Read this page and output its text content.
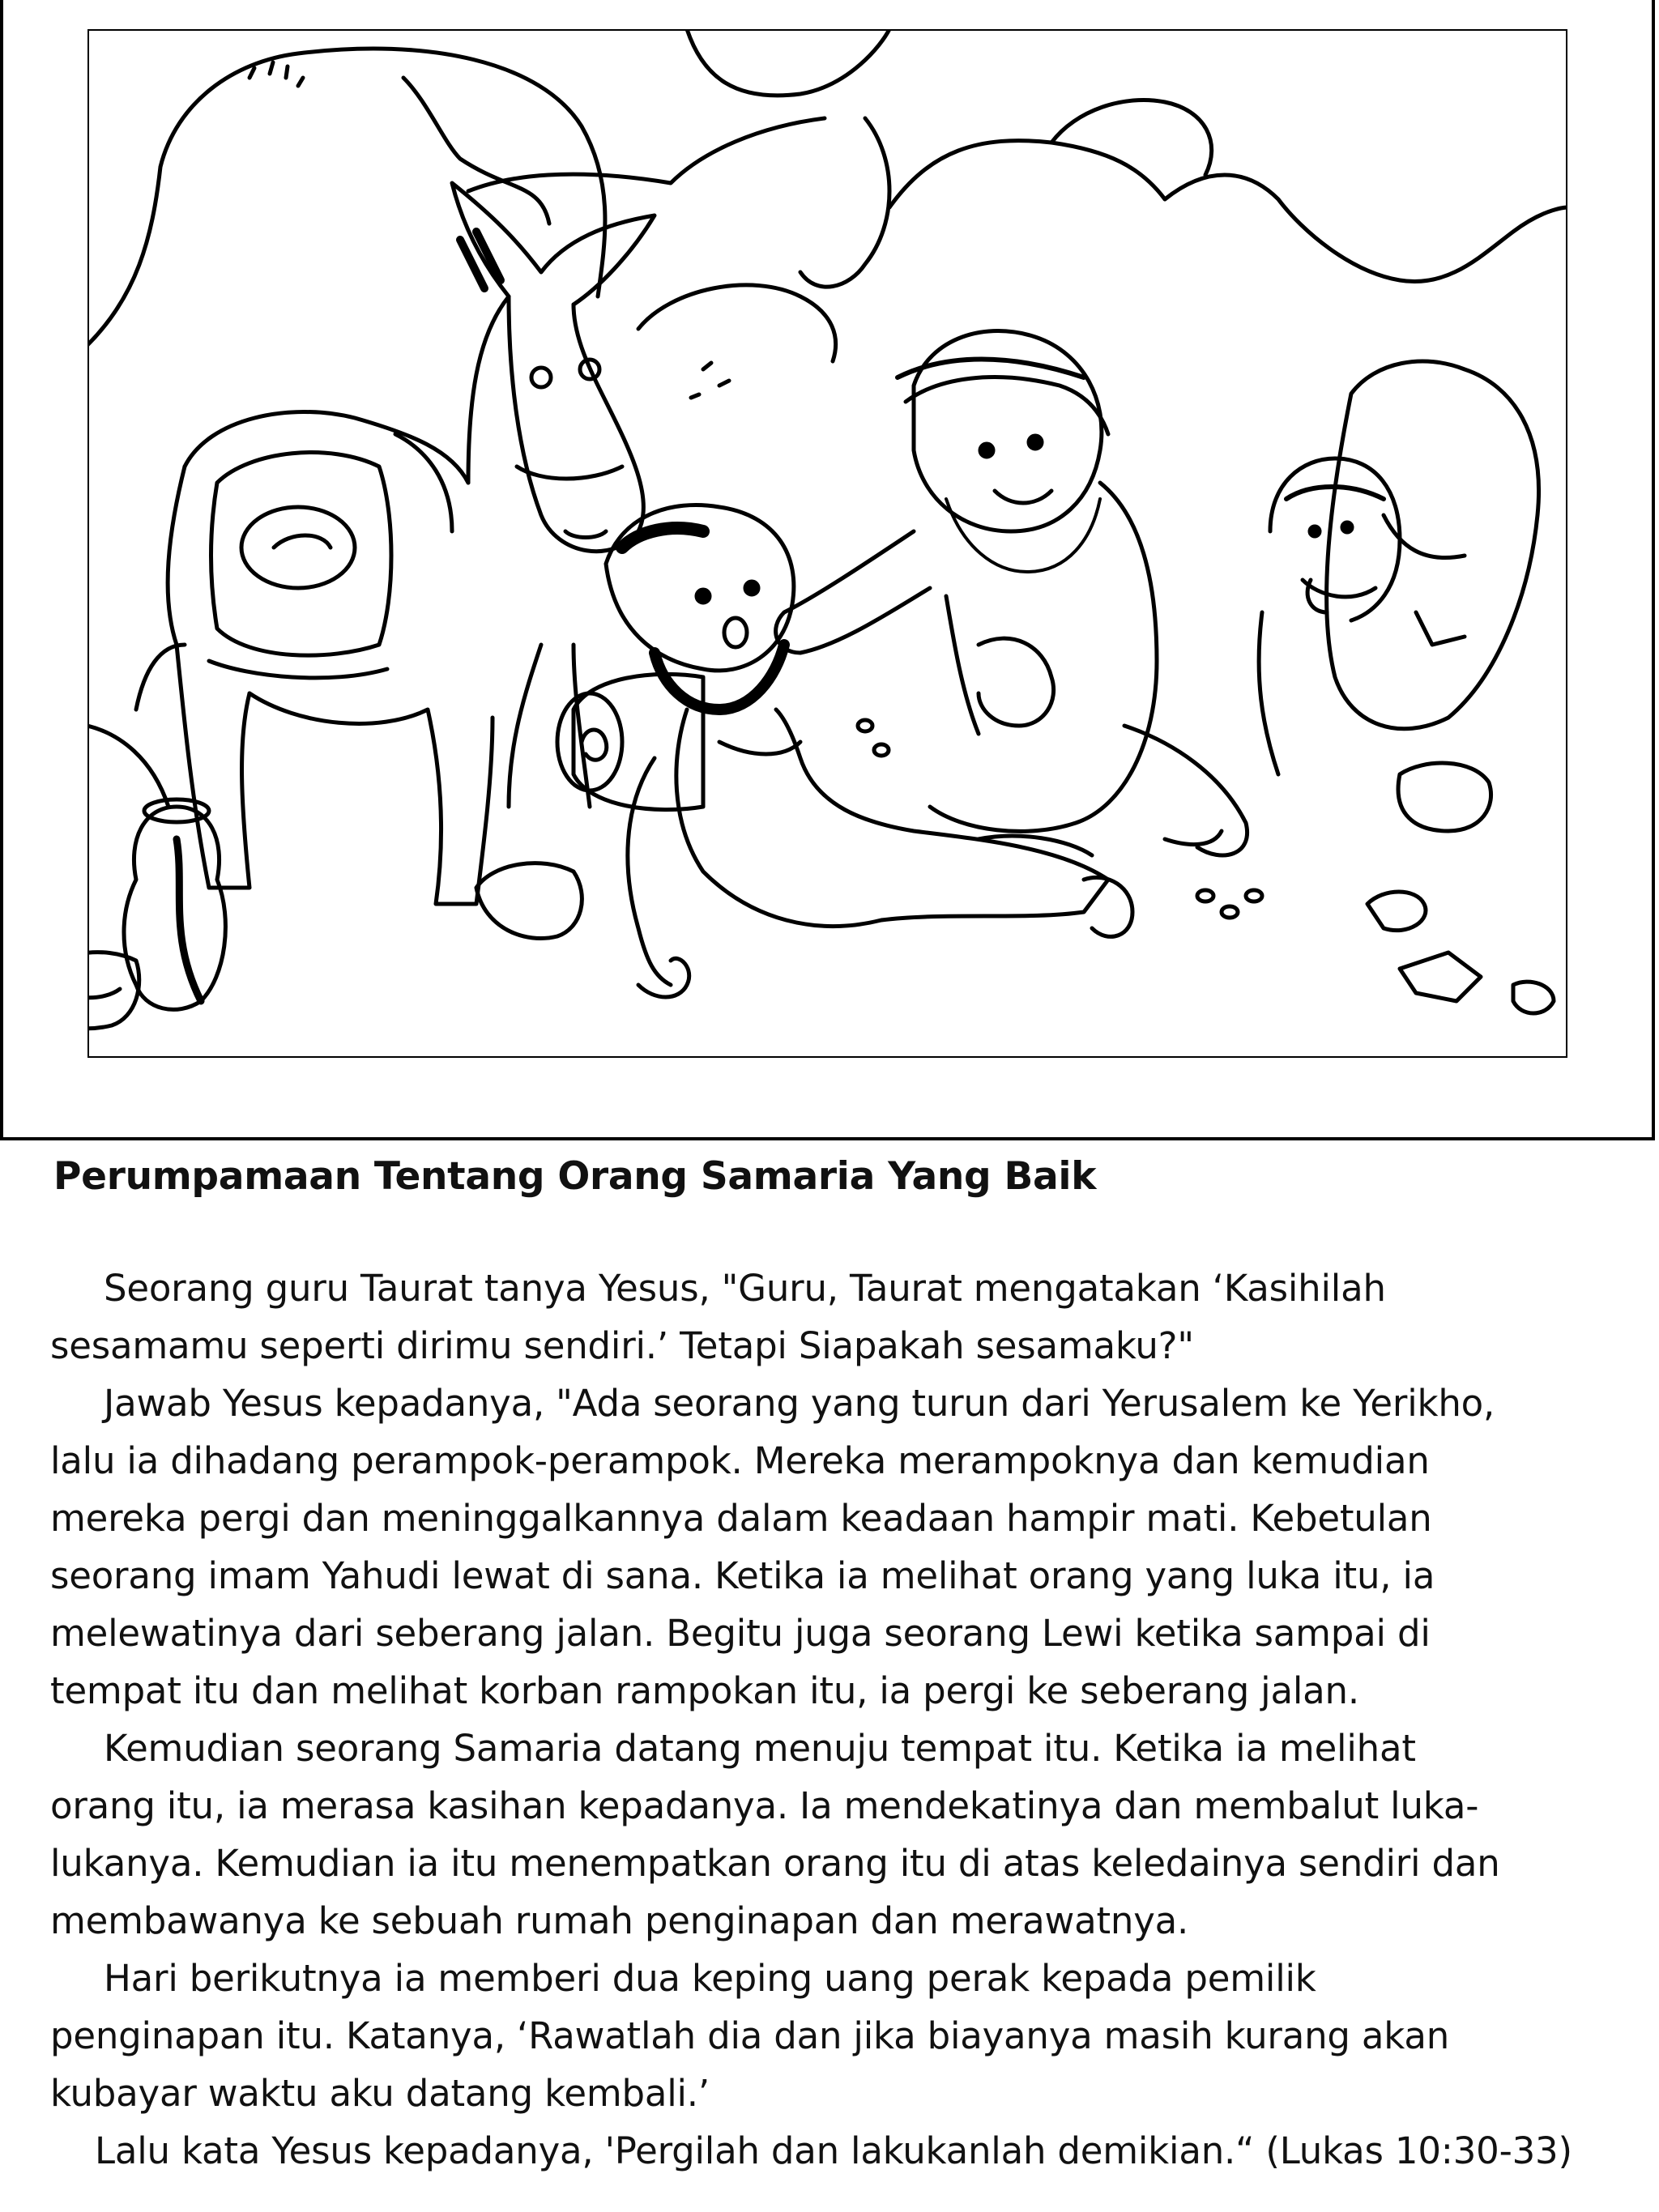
Perumpamaan Tentang Orang Samaria Yang Baik
Seorang guru Taurat tanya Yesus, "Guru, Taurat mengatakan ‘Kasihilah
sesamamu seperti dirimu sendiri.’ Tetapi Siapakah sesamaku?"
Jawab Yesus kepadanya, "Ada seorang yang turun dari Yerusalem ke Yerikho,
lalu ia dihadang perampok-perampok. Mereka merampoknya dan kemudian
mereka pergi dan meninggalkannya dalam keadaan hampir mati. Kebetulan
seorang imam Yahudi lewat di sana. Ketika ia melihat orang yang luka itu, ia
melewatinya dari seberang jalan. Begitu juga seorang Lewi ketika sampai di
tempat itu dan melihat korban rampokan itu, ia pergi ke seberang jalan.
Kemudian seorang Samaria datang menuju tempat itu. Ketika ia melihat
orang itu, ia merasa kasihan kepadanya. Ia mendekatinya dan membalut luka-
lukanya. Kemudian ia itu menempatkan orang itu di atas keledainya sendiri dan
membawanya ke sebuah rumah penginapan dan merawatnya.
Hari berikutnya ia memberi dua keping uang perak kepada pemilik
penginapan itu. Katanya, ‘Rawatlah dia dan jika biayanya masih kurang akan
kubayar waktu aku datang kembali.’
Lalu kata Yesus kepadanya, 'Pergilah dan lakukanlah demikian.“ (Lukas 10:30-33)
